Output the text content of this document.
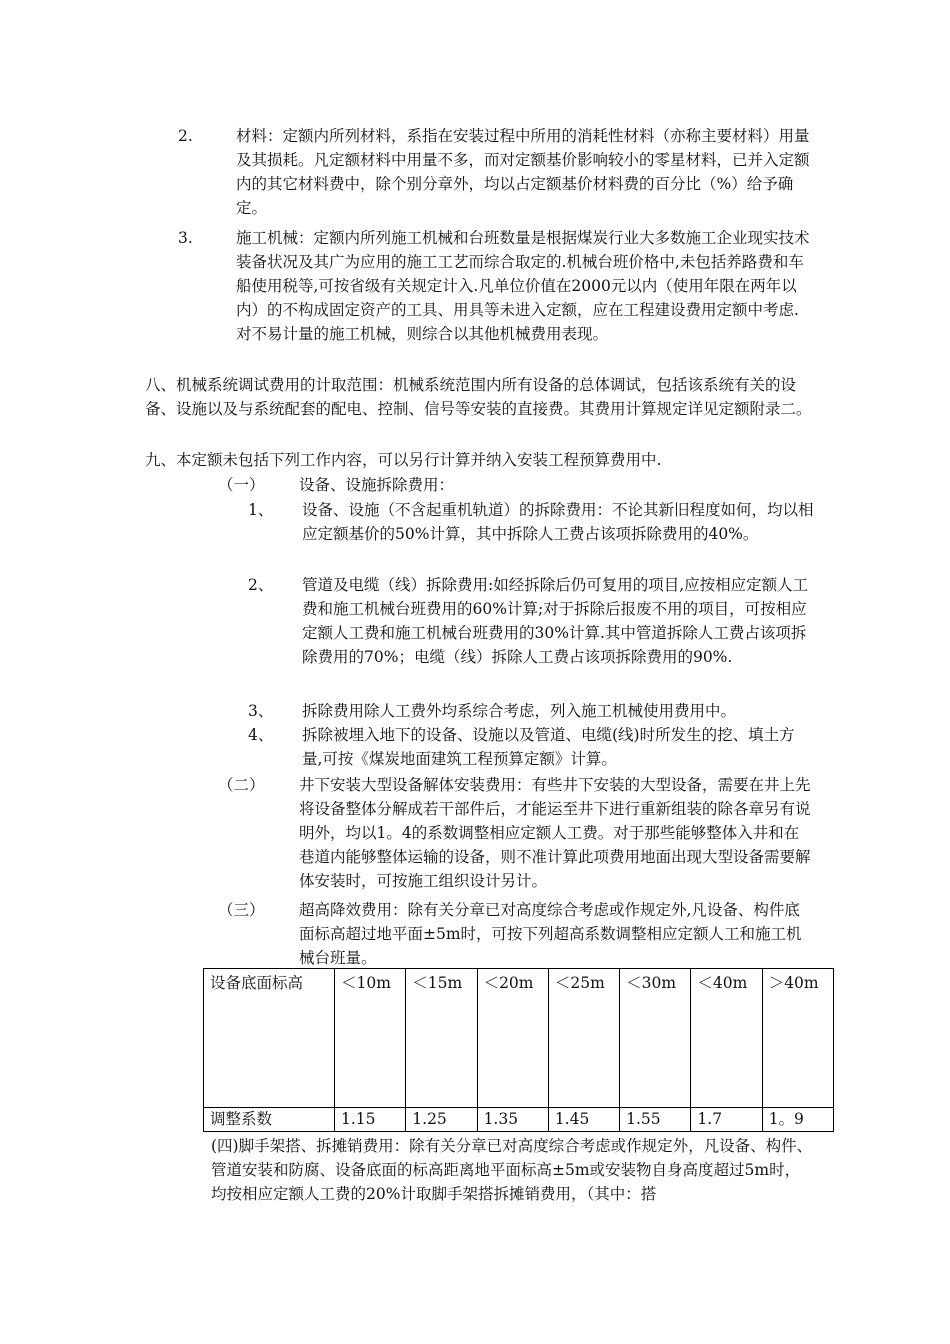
2.	材料：定额内所列材料，系指在安装过程中所用的消耗性材料（亦称主要材料）用量及其损耗。凡定额材料中用量不多，而对定额基价影响较小的零星材料，已并入定额内的其它材料费中，除个别分章外，均以占定额基价材料费的百分比（%）给予确定。
3.	施工机械：定额内所列施工机械和台班数量是根据煤炭行业大多数施工企业现实技术装备状况及其广为应用的施工工艺而综合取定的.机械台班价格中,未包括养路费和车船使用税等,可按省级有关规定计入.凡单位价值在2000元以内（使用年限在两年以内）的不构成固定资产的工具、用具等未进入定额，应在工程建设费用定额中考虑.对不易计量的施工机械，则综合以其他机械费用表现。
八、机械系统调试费用的计取范围：机械系统范围内所有设备的总体调试，包括该系统有关的设备、设施以及与系统配套的配电、控制、信号等安装的直接费。其费用计算规定详见定额附录二。
九、本定额未包括下列工作内容，可以另行计算并纳入安装工程预算费用中.
（一） 设备、设施拆除费用：
1、 设备、设施（不含起重机轨道）的拆除费用：不论其新旧程度如何，均以相应定额基价的50%计算，其中拆除人工费占该项拆除费用的40%。
2、 管道及电缆（线）拆除费用:如经拆除后仍可复用的项目,应按相应定额人工费和施工机械台班费用的60%计算;对于拆除后报废不用的项目，可按相应定额人工费和施工机械台班费用的30%计算.其中管道拆除人工费占该项拆除费用的70%；电缆（线）拆除人工费占该项拆除费用的90%.
3、 拆除费用除人工费外均系综合考虑，列入施工机械使用费用中。
4、 拆除被埋入地下的设备、设施以及管道、电缆(线)时所发生的挖、填土方量,可按《煤炭地面建筑工程预算定额》计算。
（二） 井下安装大型设备解体安装费用：有些井下安装的大型设备，需要在井上先将设备整体分解成若干部件后，才能运至井下进行重新组装的除各章另有说明外，均以1。4的系数调整相应定额人工费。对于那些能够整体入井和在巷道内能够整体运输的设备，则不准计算此项费用地面出现大型设备需要解体安装时，可按施工组织设计另计。
（三） 超高降效费用：除有关分章已对高度综合考虑或作规定外,凡设备、构件底面标高超过地平面±5m时，可按下列超高系数调整相应定额人工和施工机械台班量。
设备底面标高	＜10m	＜15m	＜20m	＜25m	＜30m	＜40m	＞40m
调整系数	1.15	1.25	1.35	1.45	1.55	1.7	1。9
(四)脚手架搭、拆摊销费用：除有关分章已对高度综合考虑或作规定外，凡设备、构件、管道安装和防腐、设备底面的标高距离地平面标高±5m或安装物自身高度超过5m时，均按相应定额人工费的20%计取脚手架搭拆摊销费用，（其中：搭
